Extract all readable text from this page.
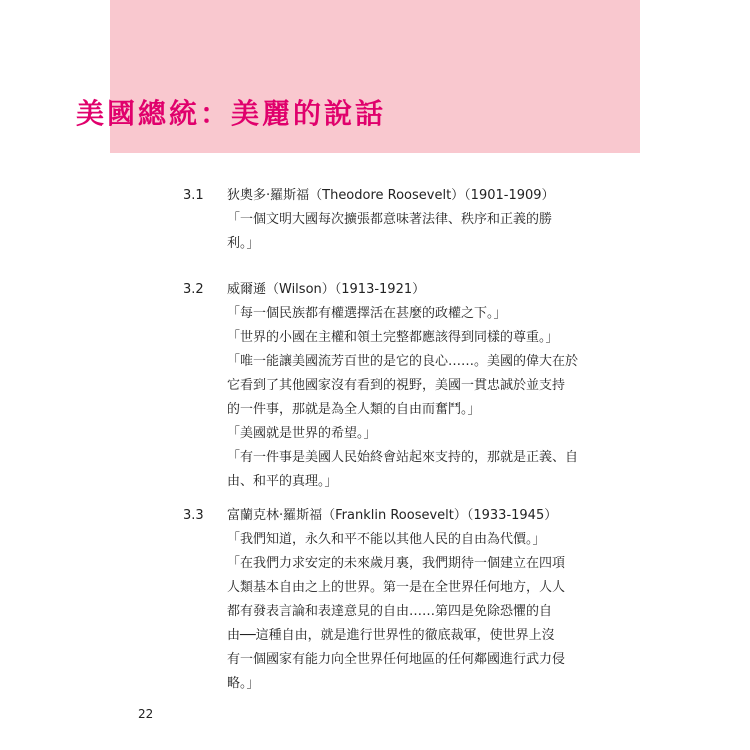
美國總統：美麗的說話
3.1	狄奧多‧羅斯福（Theodore Roosevelt）（1901-1909）
「一個文明大國每次擴張都意味著法律、秩序和正義的勝
利。」
3.2	威爾遜（Wilson）（1913-1921）
「每一個民族都有權選擇活在甚麼的政權之下。」
「世界的小國在主權和領土完整都應該得到同樣的尊重。」
「唯一能讓美國流芳百世的是它的良心……。美國的偉大在於
它看到了其他國家沒有看到的視野，美國一貫忠誠於並支持
的一件事，那就是為全人類的自由而奮鬥。」
「美國就是世界的希望。」
「有一件事是美國人民始終會站起來支持的，那就是正義、自
由、和平的真理。」
3.3	富蘭克林‧羅斯福（Franklin Roosevelt）（1933-1945）
「我們知道，永久和平不能以其他人民的自由為代價。」
「在我們力求安定的未來歲月裏，我們期待一個建立在四項
人類基本自由之上的世界。第一是在全世界任何地方，人人
都有發表言論和表達意見的自由……第四是免除恐懼的自
由──這種自由，就是進行世界性的徹底裁軍，使世界上沒
有一個國家有能力向全世界任何地區的任何鄰國進行武力侵
略。」
22
